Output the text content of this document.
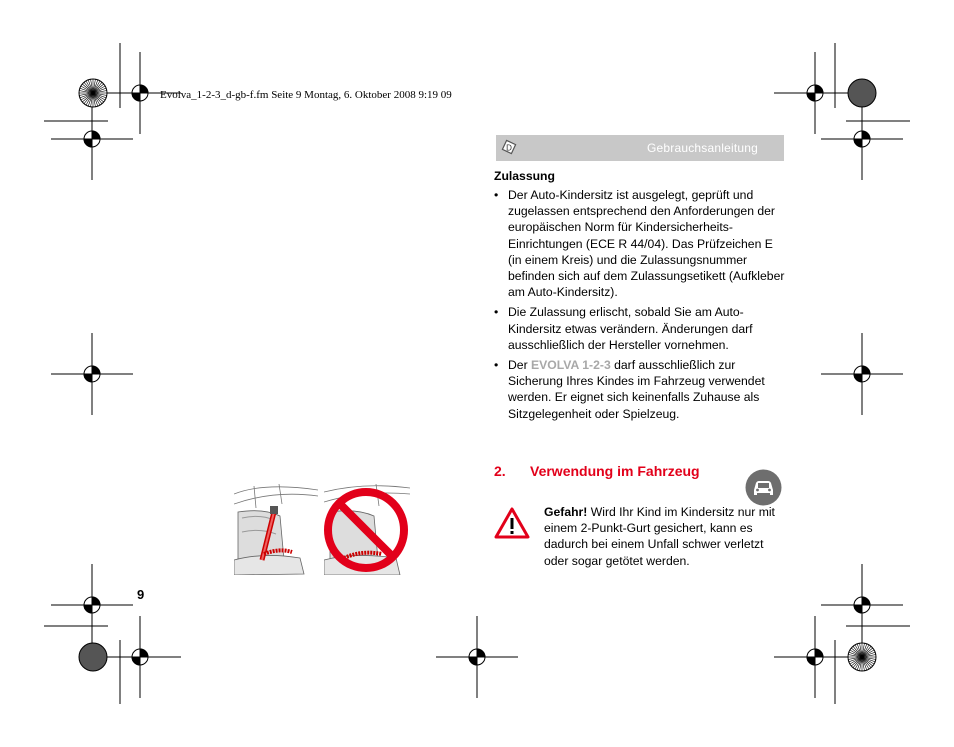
Evolva_1-2-3_d-gb-f.fm Seite 9 Montag, 6. Oktober 2008 9:19 09
D	Gebrauchsanleitung
Zulassung
• Der Auto-Kindersitz ist ausgelegt, geprüft und zugelassen entsprechend den Anforderungen der europäischen Norm für Kindersicherheits-Einrichtungen (ECE R 44/04). Das Prüfzeichen E (in einem Kreis) und die Zulassungsnummer befinden sich auf dem Zulassungsetikett (Aufkleber am Auto-Kindersitz).
• Die Zulassung erlischt, sobald Sie am Auto-Kindersitz etwas verändern. Änderungen darf ausschließlich der Hersteller vornehmen.
• Der EVOLVA 1-2-3 darf ausschließlich zur Sicherung Ihres Kindes im Fahrzeug verwendet werden. Er eignet sich keinenfalls Zuhause als Sitzgelegenheit oder Spielzeug.
2. Verwendung im Fahrzeug
Gefahr! Wird Ihr Kind im Kindersitz nur mit einem 2-Punkt-Gurt gesichert, kann es dadurch bei einem Unfall schwer verletzt oder sogar getötet werden.
9
